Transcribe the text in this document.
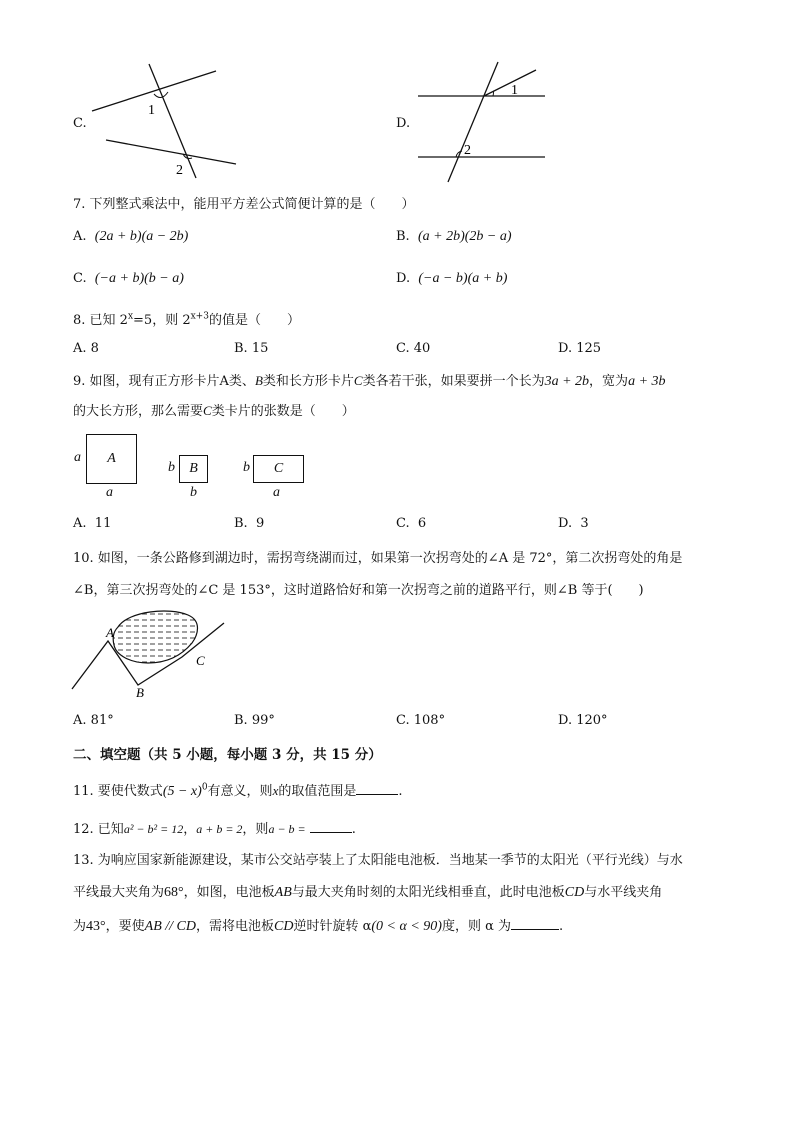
C.
1
2
D.
1
2
7. 下列整式乘法中，能用平方差公式简便计算的是（　　）
A. (2a + b)(a − 2b)	B. (a + 2b)(2b − a)
C. (−a + b)(b − a)	D. (−a − b)(a + b)
8. 已知 $2^x=5$，则 $2^{x+3}$的值是（　　）
A. 8	B. 15	C. 40	D. 125
9. 如图，现有正方形卡片A类、B类和长方形卡片C类各若干张，如果要拼一个长为3a + 2b，宽为a + 3b
的大长方形，那么需要C类卡片的张数是（　　）
a	A
a
b	B
b
b	C
a
A. 11	B. 9	C. 6	D. 3
10. 如图，一条公路修到湖边时，需拐弯绕湖而过，如果第一次拐弯处的∠A 是 72°，第二次拐弯处的角是
∠B，第三次拐弯处的∠C 是 153°，这时道路恰好和第一次拐弯之前的道路平行，则∠B 等于(　　)
A
B
C
A. 81°	B. 99°	C. 108°	D. 120°
二、填空题（共 5 小题，每小题 3 分，共 15 分）
11. 要使代数式$(5 - x)^0$有意义，则x的取值范围是	.
12. 已知a² − b² = 12，a + b = 2，则a − b =	.
13. 为响应国家新能源建设，某市公交站亭装上了太阳能电池板．当地某一季节的太阳光（平行光线）与水
平线最大夹角为68°，如图，电池板AB与最大夹角时刻的太阳光线相垂直，此时电池板CD与水平线夹角
为43°，要使AB // CD，需将电池板CD逆时针旋转 α(0 < α < 90)度，则 α 为	.
